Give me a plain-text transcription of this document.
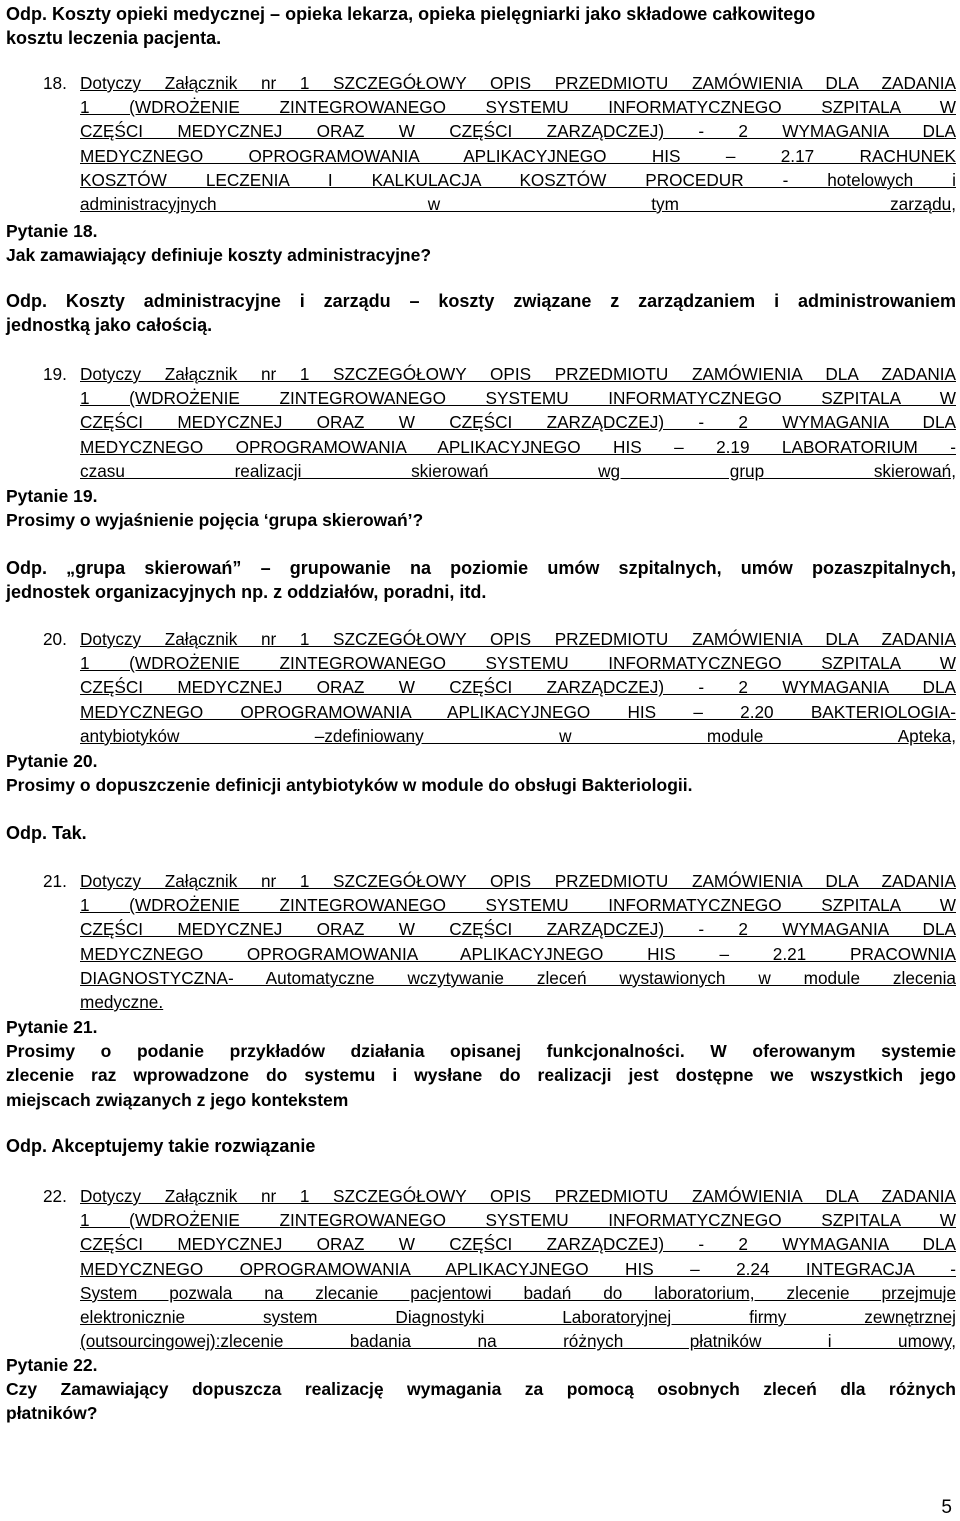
Odp. Koszty opieki medycznej – opieka lekarza, opieka pielęgniarki jako składowe całkowitego
kosztu leczenia pacjenta.
18. Dotyczy Załącznik nr 1 SZCZEGÓŁOWY OPIS PRZEDMIOTU ZAMÓWIENIA DLA ZADANIA
1 (WDROŻENIE ZINTEGROWANEGO SYSTEMU INFORMATYCZNEGO SZPITALA W
CZĘŚCI MEDYCZNEJ ORAZ W CZĘŚCI ZARZĄDCZEJ) - 2 WYMAGANIA DLA
MEDYCZNEGO OPROGRAMOWANIA APLIKACYJNEGO HIS – 2.17 RACHUNEK
KOSZTÓW LECZENIA I KALKULACJA KOSZTÓW PROCEDUR - hotelowych i
administracyjnych w tym zarządu,
Pytanie 18.
Jak zamawiający definiuje koszty administracyjne?
Odp. Koszty administracyjne i zarządu – koszty związane z zarządzaniem i administrowaniem
jednostką jako całością.
19. Dotyczy Załącznik nr 1 SZCZEGÓŁOWY OPIS PRZEDMIOTU ZAMÓWIENIA DLA ZADANIA
1 (WDROŻENIE ZINTEGROWANEGO SYSTEMU INFORMATYCZNEGO SZPITALA W
CZĘŚCI MEDYCZNEJ ORAZ W CZĘŚCI ZARZĄDCZEJ) - 2 WYMAGANIA DLA
MEDYCZNEGO OPROGRAMOWANIA APLIKACYJNEGO HIS – 2.19 LABORATORIUM -
czasu realizacji skierowań wg grup skierowań,
Pytanie 19.
Prosimy o wyjaśnienie pojęcia ‘grupa skierowań’?
Odp. „grupa skierowań” – grupowanie na poziomie umów szpitalnych, umów pozaszpitalnych,
jednostek organizacyjnych np. z oddziałów, poradni, itd.
20. Dotyczy Załącznik nr 1 SZCZEGÓŁOWY OPIS PRZEDMIOTU ZAMÓWIENIA DLA ZADANIA
1 (WDROŻENIE ZINTEGROWANEGO SYSTEMU INFORMATYCZNEGO SZPITALA W
CZĘŚCI MEDYCZNEJ ORAZ W CZĘŚCI ZARZĄDCZEJ) - 2 WYMAGANIA DLA
MEDYCZNEGO OPROGRAMOWANIA APLIKACYJNEGO HIS – 2.20 BAKTERIOLOGIA-
antybiotyków –zdefiniowany w module Apteka,
Pytanie 20.
Prosimy o dopuszczenie definicji antybiotyków w module do obsługi Bakteriologii.
Odp. Tak.
21. Dotyczy Załącznik nr 1 SZCZEGÓŁOWY OPIS PRZEDMIOTU ZAMÓWIENIA DLA ZADANIA
1 (WDROŻENIE ZINTEGROWANEGO SYSTEMU INFORMATYCZNEGO SZPITALA W
CZĘŚCI MEDYCZNEJ ORAZ W CZĘŚCI ZARZĄDCZEJ) - 2 WYMAGANIA DLA
MEDYCZNEGO OPROGRAMOWANIA APLIKACYJNEGO HIS – 2.21 PRACOWNIA
DIAGNOSTYCZNA- Automatyczne wczytywanie zleceń wystawionych w module zlecenia
medyczne.
Pytanie 21.
Prosimy o podanie przykładów działania opisanej funkcjonalności. W oferowanym systemie
zlecenie raz wprowadzone do systemu i wysłane do realizacji jest dostępne we wszystkich jego
miejscach związanych z jego kontekstem
Odp. Akceptujemy takie rozwiązanie
22. Dotyczy Załącznik nr 1 SZCZEGÓŁOWY OPIS PRZEDMIOTU ZAMÓWIENIA DLA ZADANIA
1 (WDROŻENIE ZINTEGROWANEGO SYSTEMU INFORMATYCZNEGO SZPITALA W
CZĘŚCI MEDYCZNEJ ORAZ W CZĘŚCI ZARZĄDCZEJ) - 2 WYMAGANIA DLA
MEDYCZNEGO OPROGRAMOWANIA APLIKACYJNEGO HIS – 2.24 INTEGRACJA -
System pozwala na zlecanie pacjentowi badań do laboratorium, zlecenie przejmuje
elektronicznie system Diagnostyki Laboratoryjnej firmy zewnętrznej
(outsourcingowej):zlecenie badania na różnych płatników i umowy,
Pytanie 22.
Czy Zamawiający dopuszcza realizację wymagania za pomocą osobnych zleceń dla różnych
płatników?
5
